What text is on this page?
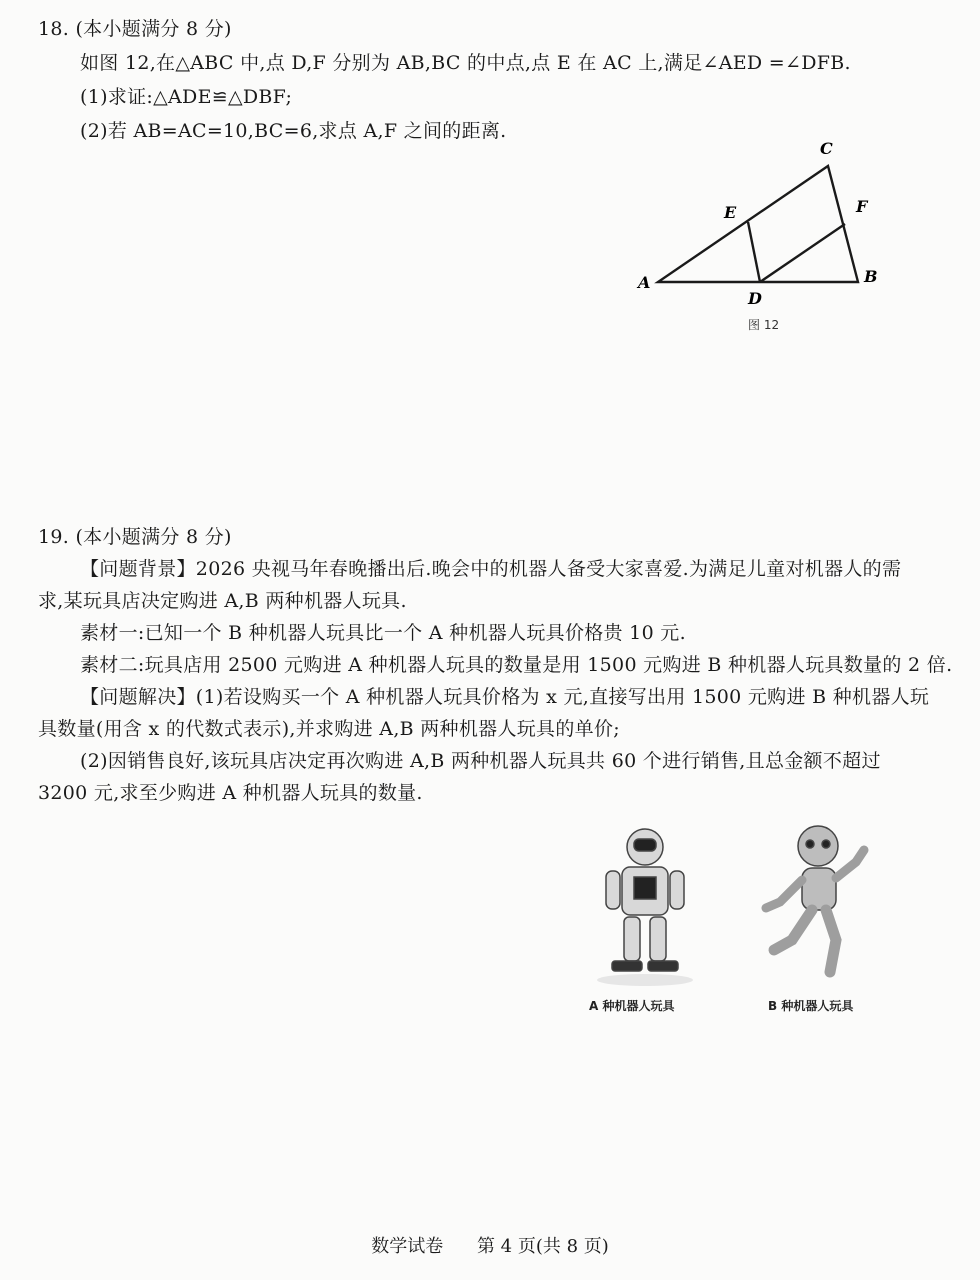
18. (本小题满分 8 分)
如图 12,在△ABC 中,点 D,F 分别为 AB,BC 的中点,点 E 在 AC 上,满足∠AED =∠DFB.
(1)求证:△ADE≌△DBF;
(2)若 AB=AC=10,BC=6,求点 A,F 之间的距离.
A	B
C
D
E	F
图 12
19. (本小题满分 8 分)
【问题背景】2026 央视马年春晚播出后.晚会中的机器人备受大家喜爱.为满足儿童对机器人的需
求,某玩具店决定购进 A,B 两种机器人玩具.
素材一:已知一个 B 种机器人玩具比一个 A 种机器人玩具价格贵 10 元.
素材二:玩具店用 2500 元购进 A 种机器人玩具的数量是用 1500 元购进 B 种机器人玩具数量的 2 倍.
【问题解决】(1)若设购买一个 A 种机器人玩具价格为 x 元,直接写出用 1500 元购进 B 种机器人玩
具数量(用含 x 的代数式表示),并求购进 A,B 两种机器人玩具的单价;
(2)因销售良好,该玩具店决定再次购进 A,B 两种机器人玩具共 60 个进行销售,且总金额不超过
3200 元,求至少购进 A 种机器人玩具的数量.
A 种机器人玩具	B 种机器人玩具
数学试卷 第 4 页(共 8 页)
